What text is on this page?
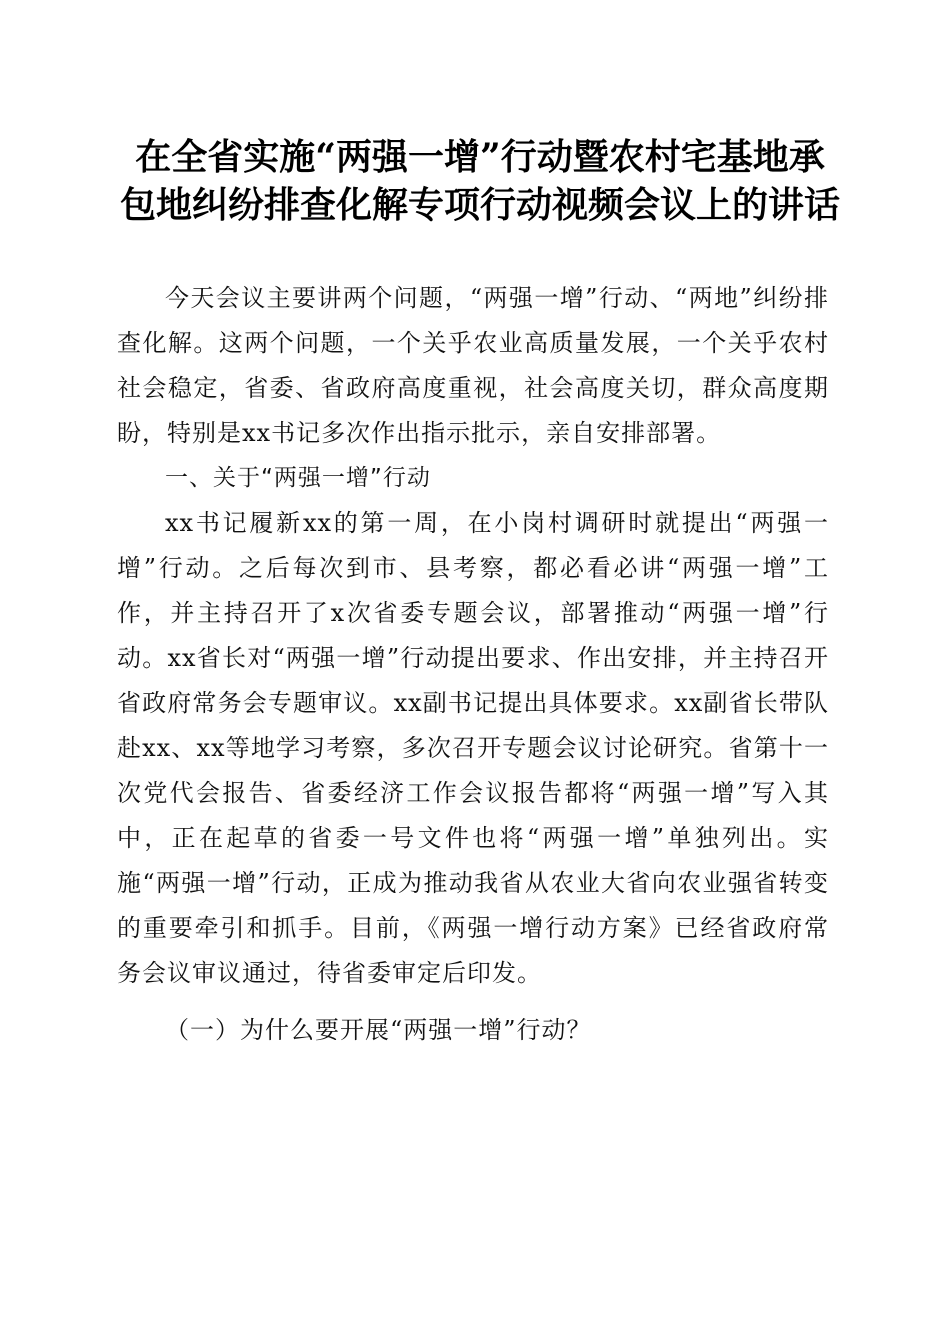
在全省实施“两强一增”行动暨农村宅基地承
包地纠纷排查化解专项行动视频会议上的讲话

今天会议主要讲两个问题，“两强一增”行动、“两地”纠纷排查化解。这两个问题，一个关乎农业高质量发展，一个关乎农村社会稳定，省委、省政府高度重视，社会高度关切，群众高度期盼，特别是xx书记多次作出指示批示，亲自安排部署。

一、关于“两强一增”行动

xx书记履新xx的第一周，在小岗村调研时就提出“两强一增”行动。之后每次到市、县考察，都必看必讲“两强一增”工作，并主持召开了x次省委专题会议，部署推动“两强一增”行动。xx省长对“两强一增”行动提出要求、作出安排，并主持召开省政府常务会专题审议。xx副书记提出具体要求。xx副省长带队赴xx、xx等地学习考察，多次召开专题会议讨论研究。省第十一次党代会报告、省委经济工作会议报告都将“两强一增”写入其中，正在起草的省委一号文件也将“两强一增”单独列出。实施“两强一增”行动，正成为推动我省从农业大省向农业强省转变的重要牵引和抓手。目前，《两强一增行动方案》已经省政府常务会议审议通过，待省委审定后印发。

（一）为什么要开展“两强一增”行动？
